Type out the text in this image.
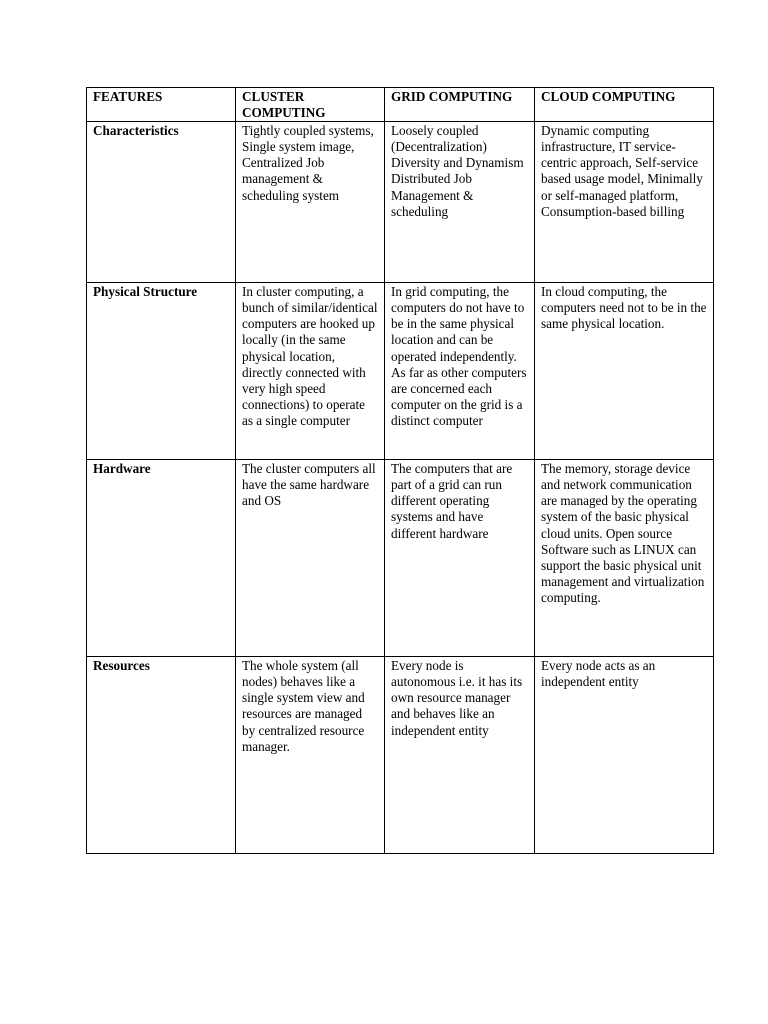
FEATURES	CLUSTER COMPUTING	GRID COMPUTING	CLOUD COMPUTING
Characteristics	Tightly coupled systems, Single system image, Centralized Job management & scheduling system	Loosely coupled (Decentralization) Diversity and Dynamism Distributed Job Management & scheduling	Dynamic computing infrastructure, IT service-centric approach, Self-service based usage model, Minimally or self-managed platform, Consumption-based billing
Physical Structure	In cluster computing, a bunch of similar/identical computers are hooked up locally (in the same physical location, directly connected with very high speed connections) to operate as a single computer	In grid computing, the computers do not have to be in the same physical location and can be operated independently. As far as other computers are concerned each computer on the grid is a distinct computer	In cloud computing, the computers need not to be in the same physical location.
Hardware	The cluster computers all have the same hardware and OS	The computers that are part of a grid can run different operating systems and have different hardware	The memory, storage device and network communication are managed by the operating system of the basic physical cloud units. Open source Software such as LINUX can support the basic physical unit management and virtualization computing.
Resources	The whole system (all nodes) behaves like a single system view and resources are managed by centralized resource manager.	Every node is autonomous i.e. it has its own resource manager and behaves like an independent entity	Every node acts as an independent entity
